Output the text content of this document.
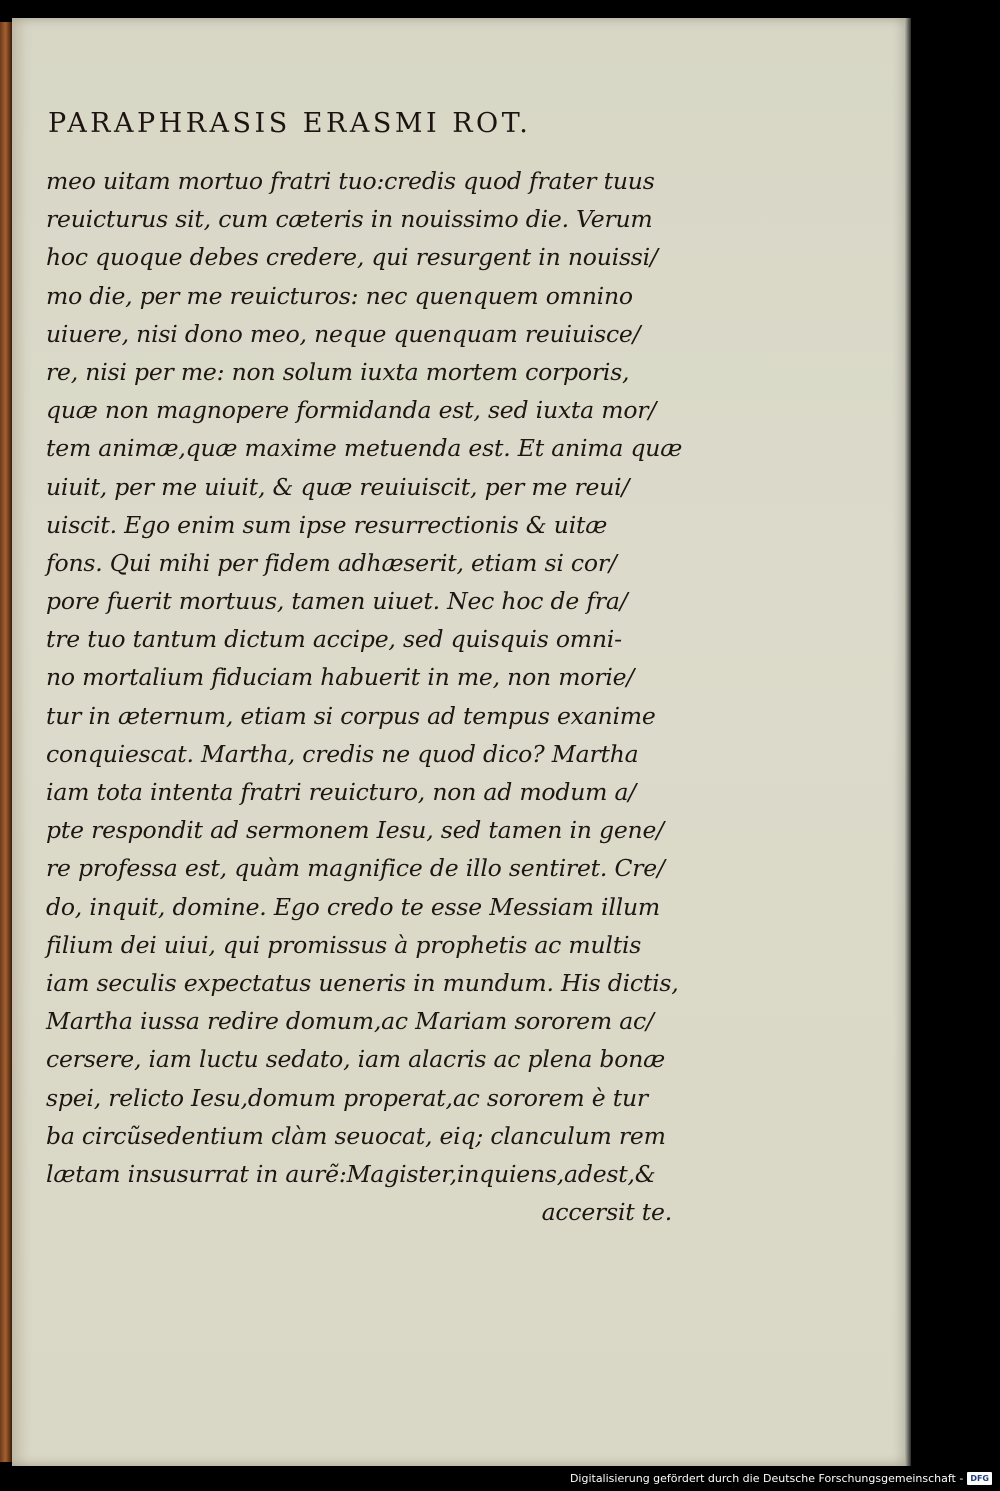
PARAPHRASIS ERASMI ROT.
meo uitam mortuo fratri tuo:credis quod frater tuus
reuicturus sit, cum cæteris in nouissimo die. Verum
hoc quoque debes credere, qui resurgent in nouissi/
mo die, per me reuicturos: nec quenquem omnino
uiuere, nisi dono meo, neque quenquam reuiuisce/
re, nisi per me: non solum iuxta mortem corporis,
quæ non magnopere formidanda est, sed iuxta mor/
tem animæ,quæ maxime metuenda est. Et anima quæ
uiuit, per me uiuit, & quæ reuiuiscit, per me reui/
uiscit. Ego enim sum ipse resurrectionis & uitæ
fons. Qui mihi per fidem adhæserit, etiam si cor/
pore fuerit mortuus, tamen uiuet. Nec hoc de fra/
tre tuo tantum dictum accipe, sed quisquis omni-
no mortalium fiduciam habuerit in me, non morie/
tur in æternum, etiam si corpus ad tempus exanime
conquiescat. Martha, credis ne quod dico? Martha
iam tota intenta fratri reuicturo, non ad modum a/
pte respondit ad sermonem Iesu, sed tamen in gene/
re professa est, quàm magnifice de illo sentiret. Cre/
do, inquit, domine. Ego credo te esse Messiam illum
filium dei uiui, qui promissus à prophetis ac multis
iam seculis expectatus ueneris in mundum. His dictis,
Martha iussa redire domum,ac Mariam sororem ac/
cersere, iam luctu sedato, iam alacris ac plena bonæ
spei, relicto Iesu,domum properat,ac sororem è tur
ba circũsedentium clàm seuocat, eiq; clanculum rem
lætam insusurrat in aurẽ:Magister,inquiens,adest,&
accersit te.
Digitalisierung gefördert durch die Deutsche Forschungsgemeinschaft - DFG
